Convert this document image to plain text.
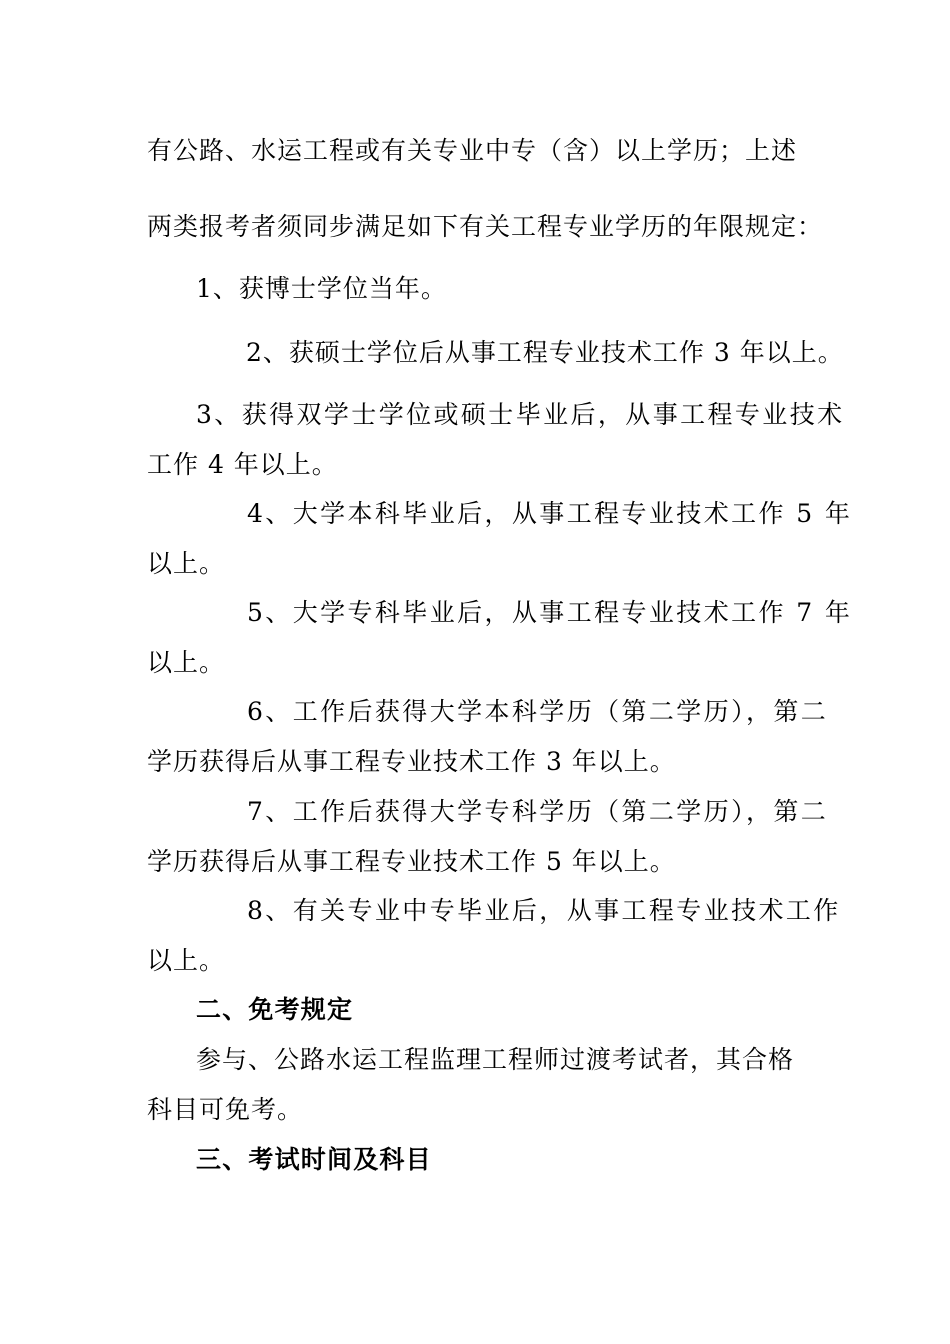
有公路、水运工程或有关专业中专（含）以上学历；上述
两类报考者须同步满足如下有关工程专业学历的年限规定：
1、获博士学位当年。
2、获硕士学位后从事工程专业技术工作 3 年以上。
3、获得双学士学位或硕士毕业后，从事工程专业技术
工作 4 年以上。
4、大学本科毕业后，从事工程专业技术工作 5 年
以上。
5、大学专科毕业后，从事工程专业技术工作 7 年
以上。
6、工作后获得大学本科学历（第二学历），第二
学历获得后从事工程专业技术工作 3 年以上。
7、工作后获得大学专科学历（第二学历），第二
学历获得后从事工程专业技术工作 5 年以上。
8、有关专业中专毕业后，从事工程专业技术工作
以上。
二、免考规定
参与、公路水运工程监理工程师过渡考试者，其合格
科目可免考。
三、考试时间及科目
